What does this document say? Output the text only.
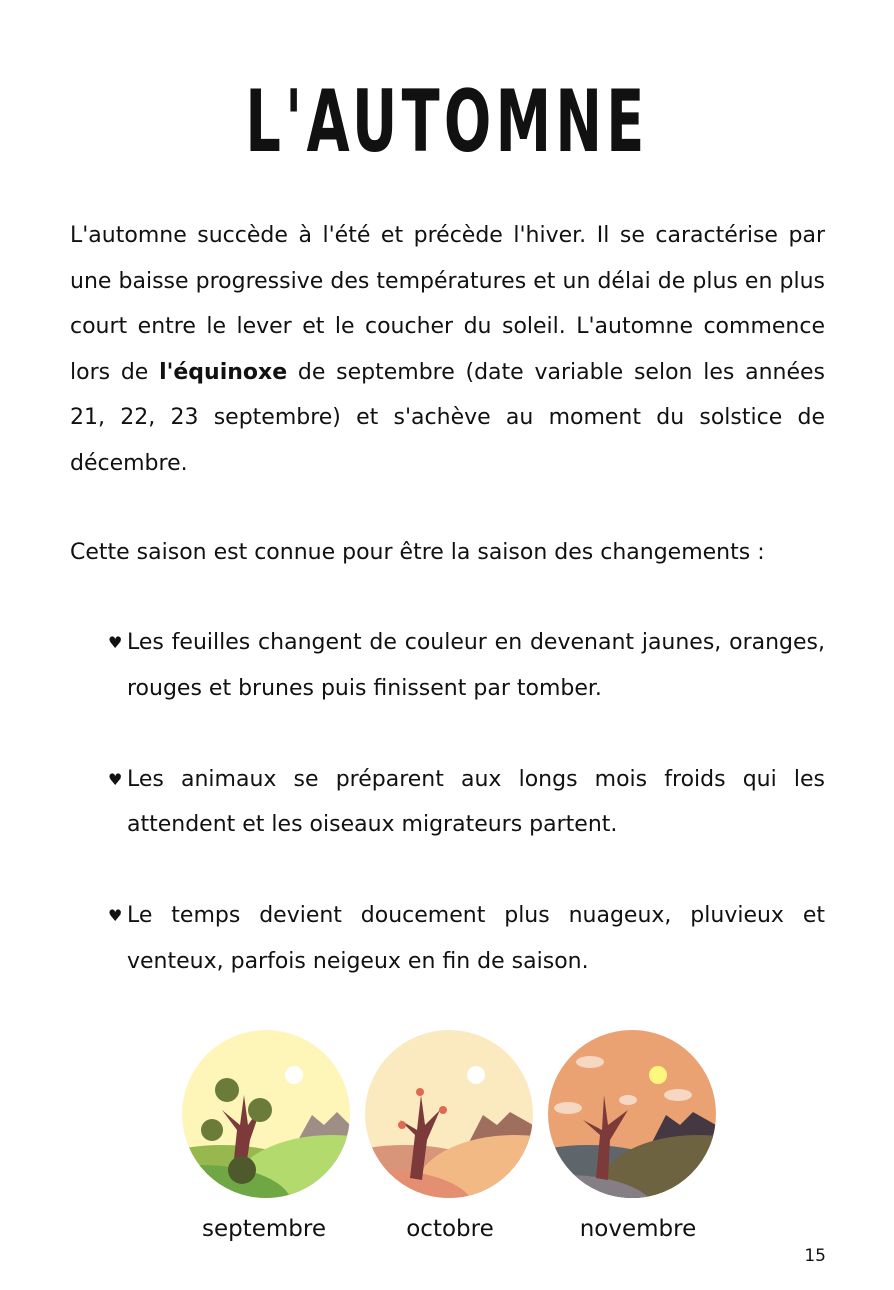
L'AUTOMNE

L'automne succède à l'été et précède l'hiver. Il se caractérise par une baisse progressive des températures et un délai de plus en plus court entre le lever et le coucher du soleil. L'automne commence lors de l'équinoxe de septembre (date variable selon les années 21, 22, 23 septembre) et s'achève au moment du solstice de décembre.

Cette saison est connue pour être la saison des changements :

♥ Les feuilles changent de couleur en devenant jaunes, oranges, rouges et brunes puis finissent par tomber.
♥ Les animaux se préparent aux longs mois froids qui les attendent et les oiseaux migrateurs partent.
♥ Le temps devient doucement plus nuageux, pluvieux et venteux, parfois neigeux en fin de saison.
septembre	octobre	novembre
15
